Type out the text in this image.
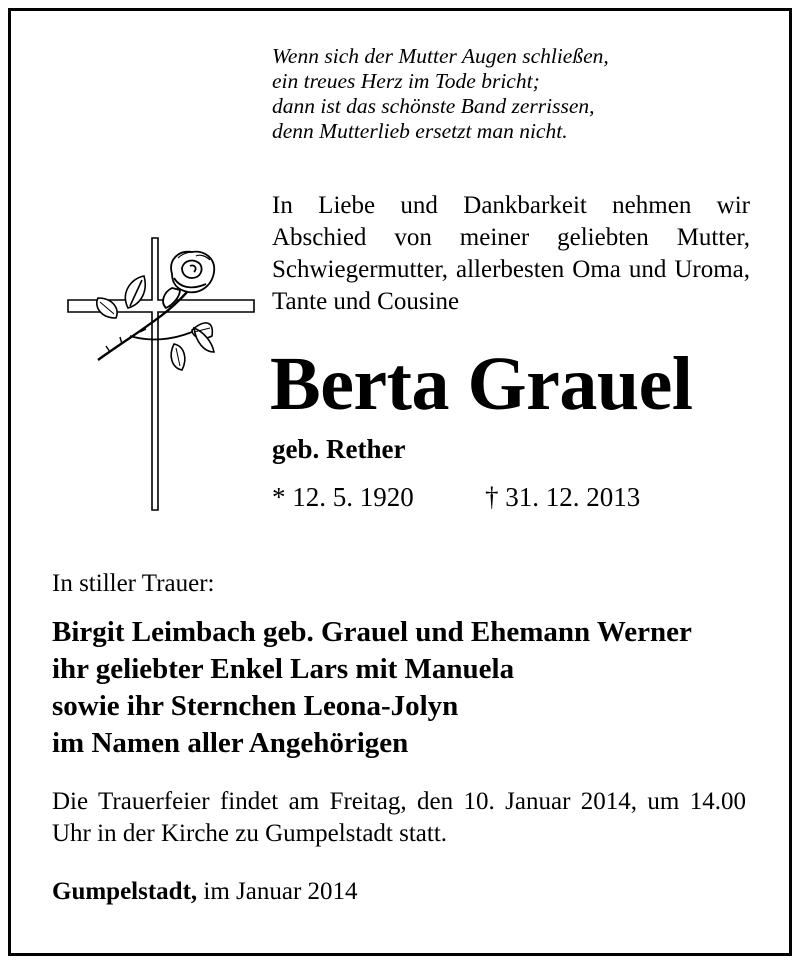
Wenn sich der Mutter Augen schließen,
ein treues Herz im Tode bricht;
dann ist das schönste Band zerrissen,
denn Mutterlieb ersetzt man nicht.

In Liebe und Dankbarkeit nehmen wir Abschied von meiner geliebten Mutter, Schwiegermutter, allerbesten Oma und Uroma, Tante und Cousine

Berta Grauel
geb. Rether
* 12. 5. 1920	† 31. 12. 2013
In stiller Trauer:
Birgit Leimbach geb. Grauel und Ehemann Werner
ihr geliebter Enkel Lars mit Manuela
sowie ihr Sternchen Leona-Jolyn
im Namen aller Angehörigen

Die Trauerfeier findet am Freitag, den 10. Januar 2014, um 14.00 Uhr in der Kirche zu Gumpelstadt statt.

Gumpelstadt, im Januar 2014
